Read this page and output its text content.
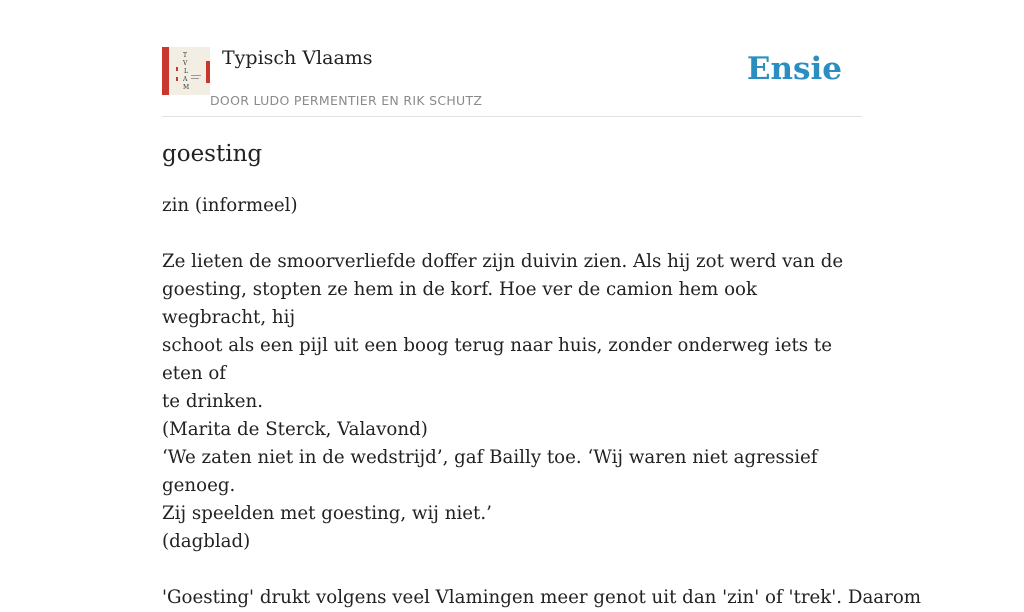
T
V
L
A
M
Typisch Vlaams
DOOR LUDO PERMENTIER EN RIK SCHUTZ
Ensie
goesting

zin (informeel)

Ze lieten de smoorverliefde doffer zijn duivin zien. Als hij zot werd van de

goesting, stopten ze hem in de korf. Hoe ver de camion hem ook wegbracht, hij

schoot als een pijl uit een boog terug naar huis, zonder onderweg iets te eten of

te drinken.

(Marita de Sterck, Valavond)

‘We zaten niet in de wedstrijd’, gaf Bailly toe. ‘Wij waren niet agressief genoeg.

Zij speelden met goesting, wij niet.’

(dagblad)

'Goesting' drukt volgens veel Vlamingen meer genot uit dan 'zin' of 'trek'. Daarom
